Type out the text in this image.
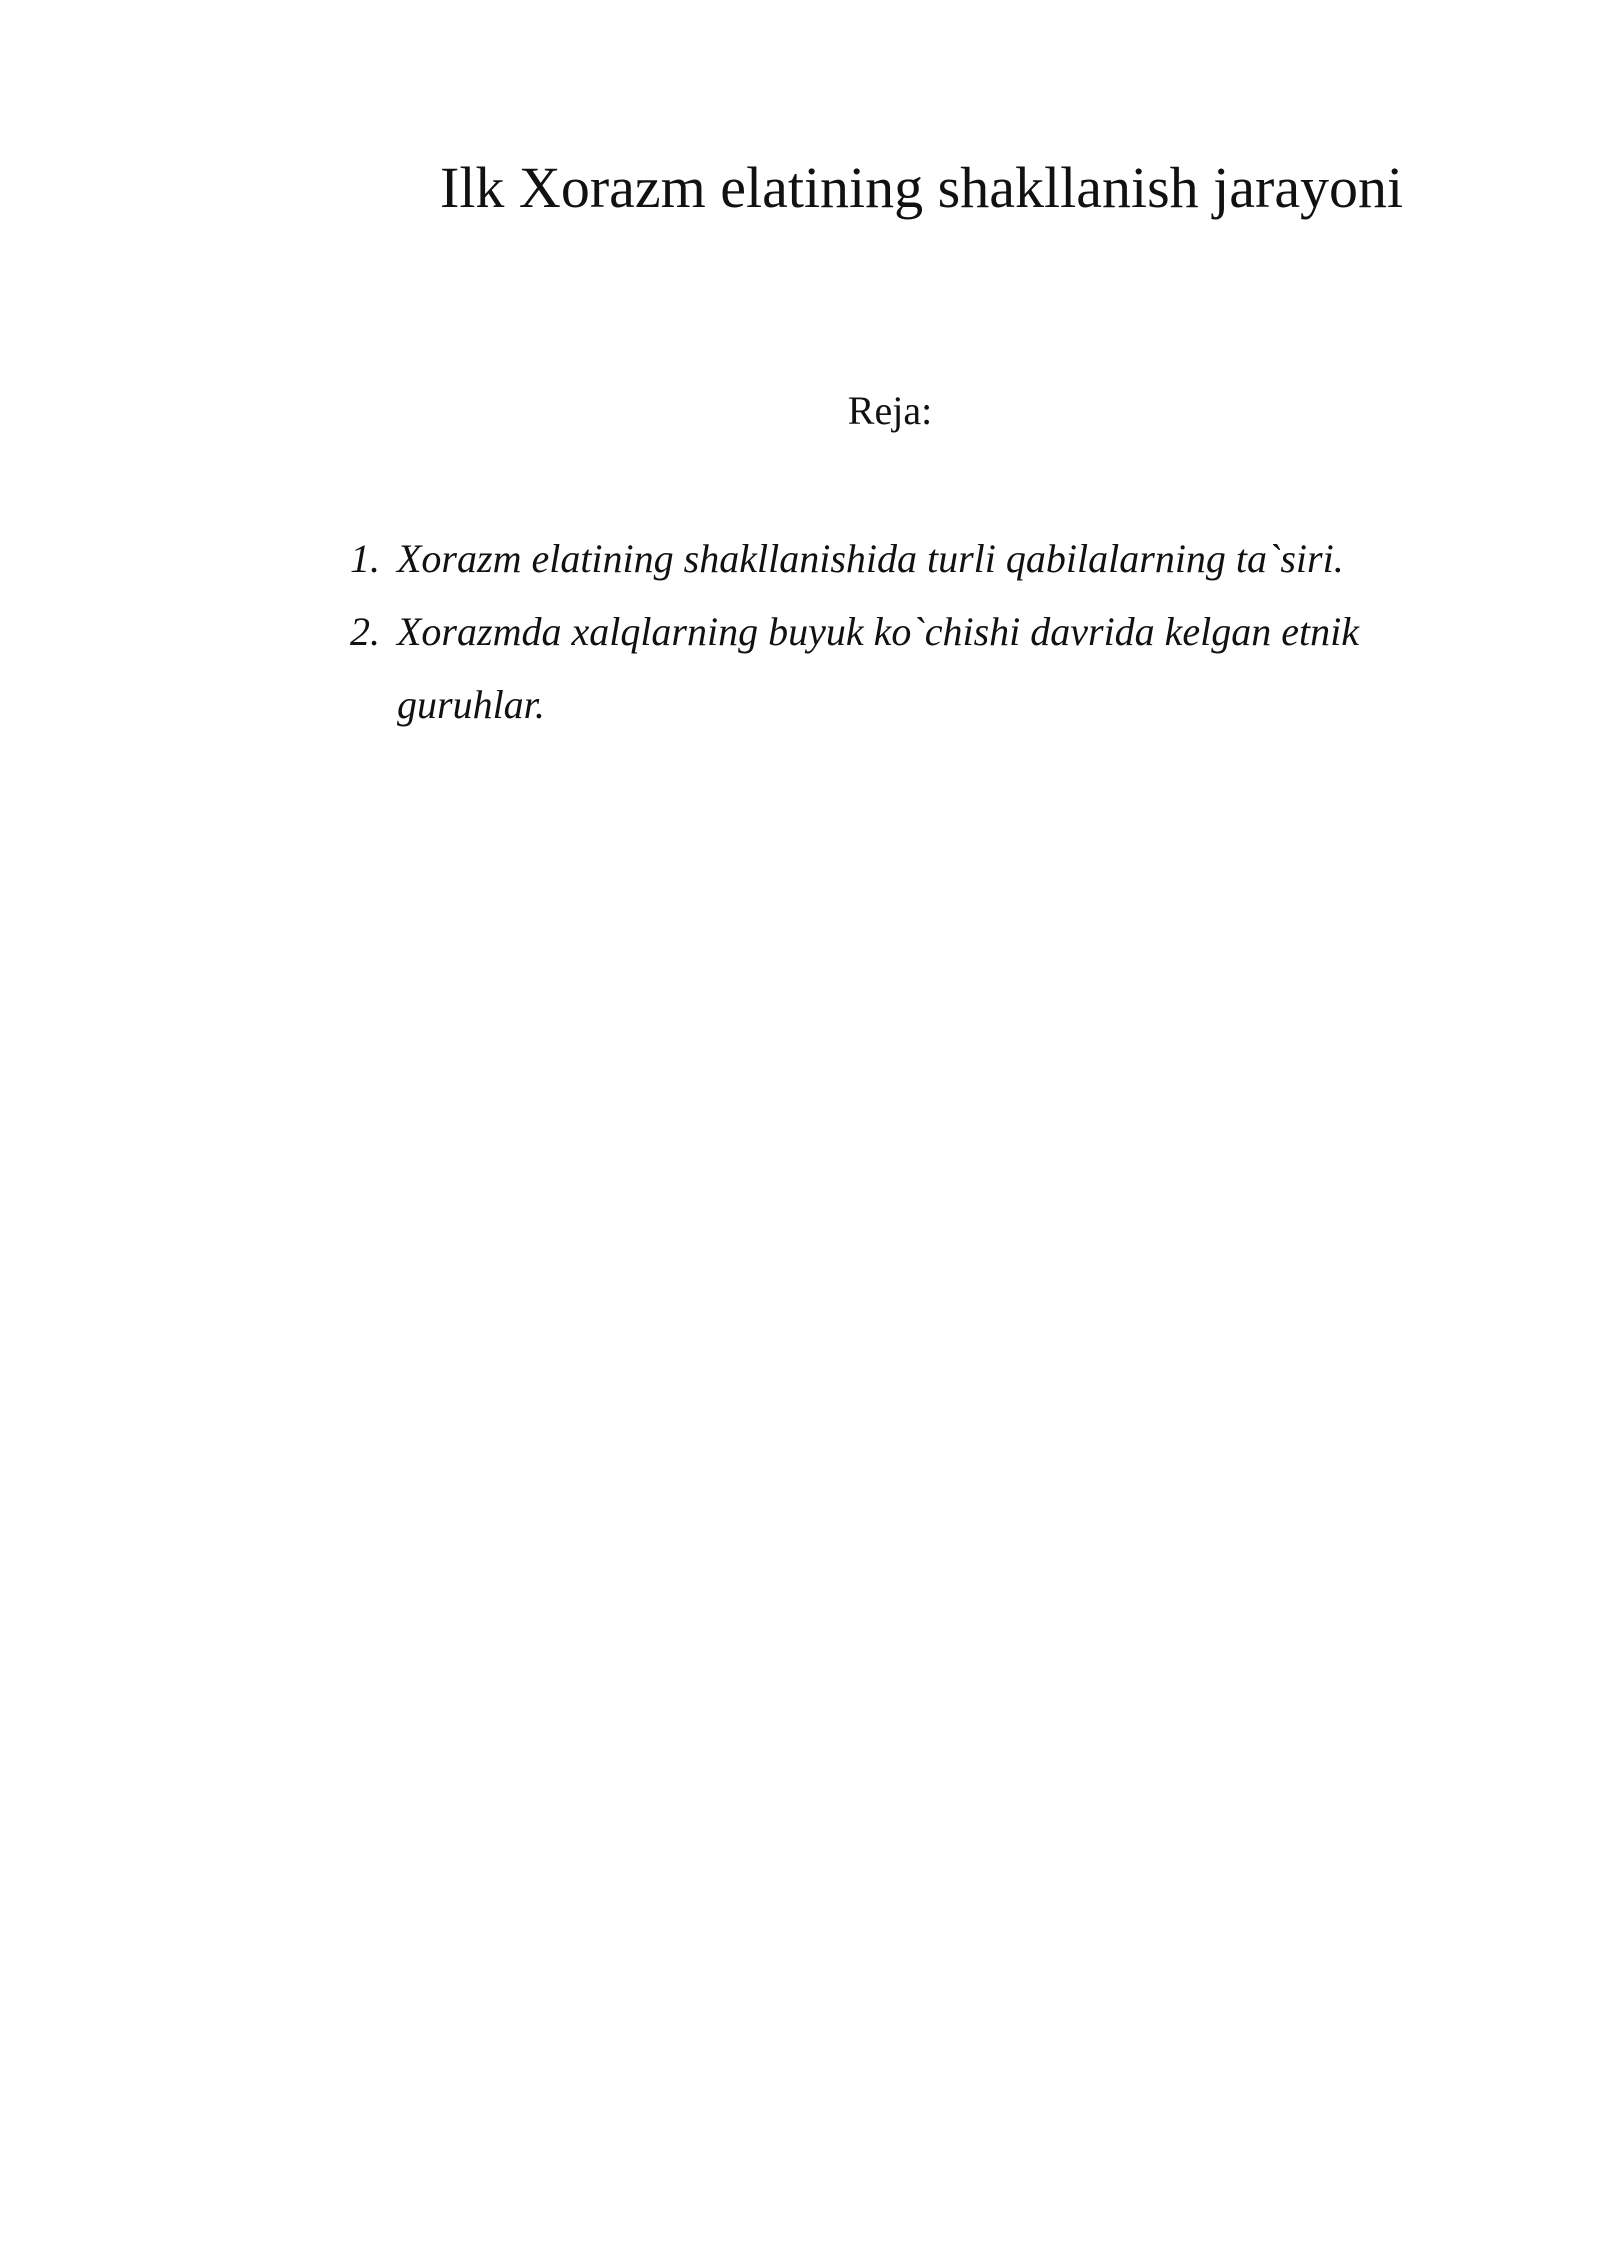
Ilk Xorazm elatining shakllanish jarayoni

Reja:

1. Xorazm elatining shakllanishida turli qabilalarning ta`siri.
2. Xorazmda xalqlarning buyuk ko`chishi davrida kelgan etnik guruhlar.
